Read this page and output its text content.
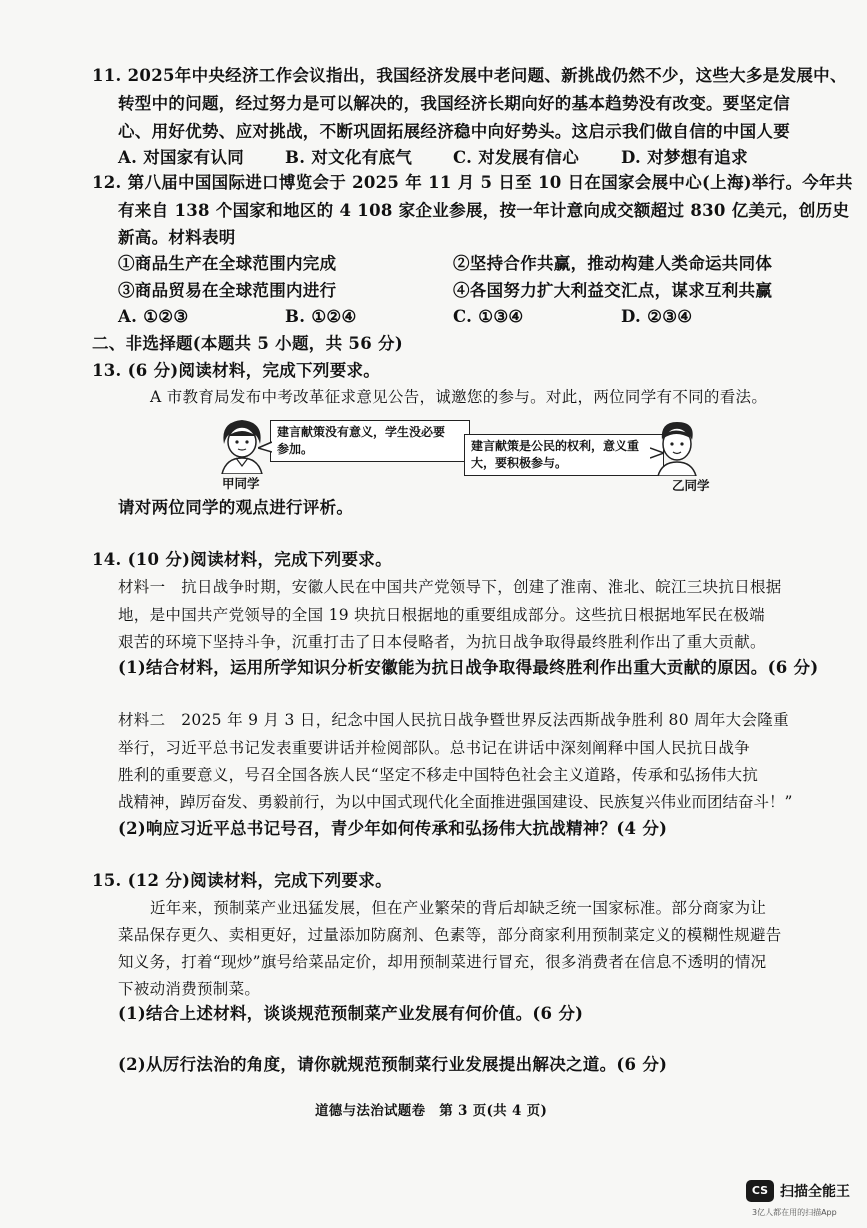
11. 2025年中央经济工作会议指出，我国经济发展中老问题、新挑战仍然不少，这些大多是发展中、
转型中的问题，经过努力是可以解决的，我国经济长期向好的基本趋势没有改变。要坚定信
心、用好优势、应对挑战，不断巩固拓展经济稳中向好势头。这启示我们做自信的中国人要
A. 对国家有认同 B. 对文化有底气 C. 对发展有信心	D. 对梦想有追求
12. 第八届中国国际进口博览会于 2025 年 11 月 5 日至 10 日在国家会展中心(上海)举行。今年共
有来自 138 个国家和地区的 4 108 家企业参展，按一年计意向成交额超过 830 亿美元，创历史
新高。材料表明
①商品生产在全球范围内完成	②坚持合作共赢，推动构建人类命运共同体
③商品贸易在全球范围内进行	④各国努力扩大利益交汇点，谋求互利共赢
A. ①②③	B. ①②④	C. ①③④	D. ②③④
二、非选择题(本题共 5 小题，共 56 分)
13. (6 分)阅读材料，完成下列要求。
A 市教育局发布中考改革征求意见公告，诚邀您的参与。对此，两位同学有不同的看法。
甲同学
建言献策没有意义，学生没必要
参加。	建言献策是公民的权利，意义重
大，要积极参与。
乙同学
请对两位同学的观点进行评析。
14. (10 分)阅读材料，完成下列要求。
材料一　抗日战争时期，安徽人民在中国共产党领导下，创建了淮南、淮北、皖江三块抗日根据
地，是中国共产党领导的全国 19 块抗日根据地的重要组成部分。这些抗日根据地军民在极端
艰苦的环境下坚持斗争，沉重打击了日本侵略者，为抗日战争取得最终胜利作出了重大贡献。
(1)结合材料，运用所学知识分析安徽能为抗日战争取得最终胜利作出重大贡献的原因。(6 分)
材料二　2025 年 9 月 3 日，纪念中国人民抗日战争暨世界反法西斯战争胜利 80 周年大会隆重
举行，习近平总书记发表重要讲话并检阅部队。总书记在讲话中深刻阐释中国人民抗日战争
胜利的重要意义，号召全国各族人民“坚定不移走中国特色社会主义道路，传承和弘扬伟大抗
战精神，踔厉奋发、勇毅前行，为以中国式现代化全面推进强国建设、民族复兴伟业而团结奋斗！”
(2)响应习近平总书记号召，青少年如何传承和弘扬伟大抗战精神？(4 分)
15. (12 分)阅读材料，完成下列要求。
近年来，预制菜产业迅猛发展，但在产业繁荣的背后却缺乏统一国家标准。部分商家为让
菜品保存更久、卖相更好，过量添加防腐剂、色素等，部分商家利用预制菜定义的模糊性规避告
知义务，打着“现炒”旗号给菜品定价，却用预制菜进行冒充，很多消费者在信息不透明的情况
下被动消费预制菜。
(1)结合上述材料，谈谈规范预制菜产业发展有何价值。(6 分)
(2)从厉行法治的角度，请你就规范预制菜行业发展提出解决之道。(6 分)
道德与法治试题卷　第 3 页(共 4 页)
CS 扫描全能王
3亿人都在用的扫描App
